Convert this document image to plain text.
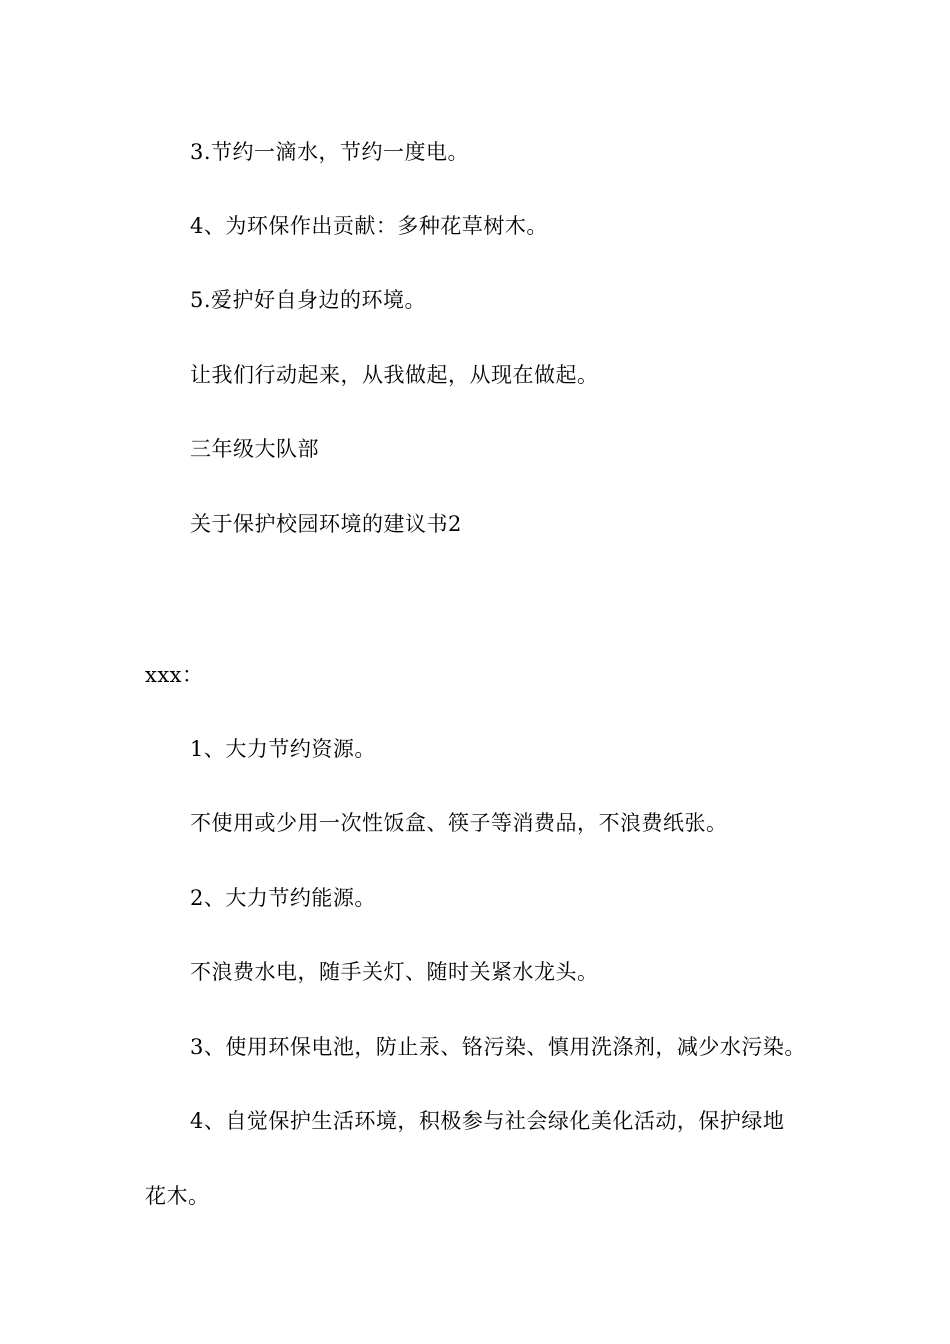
3.节约一滴水，节约一度电。
4、为环保作出贡献：多种花草树木。
5.爱护好自身边的环境。
让我们行动起来，从我做起，从现在做起。
三年级大队部
关于保护校园环境的建议书2
xxx：
1、大力节约资源。
不使用或少用一次性饭盒、筷子等消费品，不浪费纸张。
2、大力节约能源。
不浪费水电，随手关灯、随时关紧水龙头。
3、使用环保电池，防止汞、铬污染、慎用洗涤剂，减少水污染。
4、自觉保护生活环境，积极参与社会绿化美化活动，保护绿地
花木。
